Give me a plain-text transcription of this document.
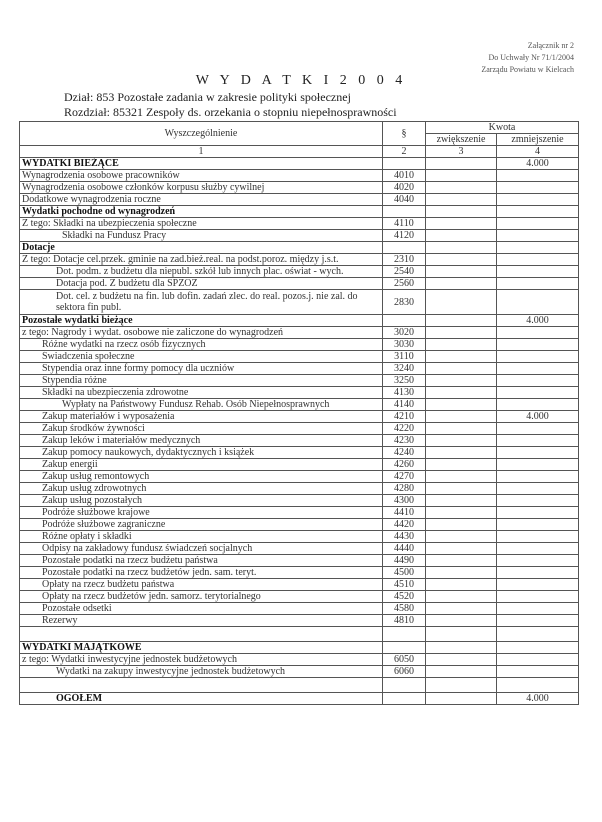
Załącznik nr 2
Do Uchwały Nr 71/1/2004
Zarządu Powiatu w Kielcach
W Y D A T K I 2 0 0 4
Dział: 853 Pozostałe zadania w zakresie polityki społecznej
Rozdział: 85321 Zespoły ds. orzekania o stopniu niepełnosprawności
Wyszczególnienie	§	Kwota	
		zwiększenie	zmniejszenie
1	2	3	4
WYDATKI BIEŻĄCE			4.000
Wynagrodzenia osobowe pracowników	4010		
Wynagrodzenia osobowe członków korpusu służby cywilnej	4020		
Dodatkowe wynagrodzenia roczne	4040		
Wydatki pochodne od wynagrodzeń			
Z tego: Składki na ubezpieczenia społeczne	4110		
Składki na Fundusz Pracy	4120		
Dotacje			
Z tego: Dotacje cel.przek. gminie na zad.bież.real. na podst.poroz. między j.s.t.	2310		
Dot. podm. z budżetu dla niepubl. szkół lub innych plac. oświat - wych.	2540		
Dotacja pod. Z budżetu dla SPZOZ	2560		
Dot. cel. z budżetu na fin. lub dofin. zadań zlec. do real. pozos.j. nie zal. do sektora fin publ.	2830		
Pozostałe wydatki bieżące			4.000
z tego: Nagrody i wydat. osobowe nie zaliczone do wynagrodzeń	3020		
Różne wydatki na rzecz osób fizycznych	3030		
Świadczenia społeczne	3110		
Stypendia oraz inne formy pomocy dla uczniów	3240		
Stypendia różne	3250		
Składki na ubezpieczenia zdrowotne	4130		
Wypłaty na Państwowy Fundusz Rehab. Osób Niepełnosprawnych	4140		
Zakup materiałów i wyposażenia	4210		4.000
Zakup środków żywności	4220		
Zakup leków i materiałów medycznych	4230		
Zakup pomocy naukowych, dydaktycznych i książek	4240		
Zakup energii	4260		
Zakup usług remontowych	4270		
Zakup usług zdrowotnych	4280		
Zakup usług pozostałych	4300		
Podróże służbowe krajowe	4410		
Podróże służbowe zagraniczne	4420		
Różne opłaty i składki	4430		
Odpisy na zakładowy fundusz świadczeń socjalnych	4440		
Pozostałe podatki na rzecz budżetu państwa	4490		
Pozostałe podatki na rzecz budżetów jedn. sam. teryt.	4500		
Opłaty na rzecz budżetu państwa	4510		
Opłaty na rzecz budżetów jedn. samorz. terytorialnego	4520		
Pozostałe odsetki	4580		
Rezerwy	4810		

WYDATKI MAJĄTKOWE			
z tego: Wydatki inwestycyjne jednostek budżetowych	6050		
Wydatki na zakupy inwestycyjne jednostek budżetowych	6060		

OGÓŁEM			4.000
